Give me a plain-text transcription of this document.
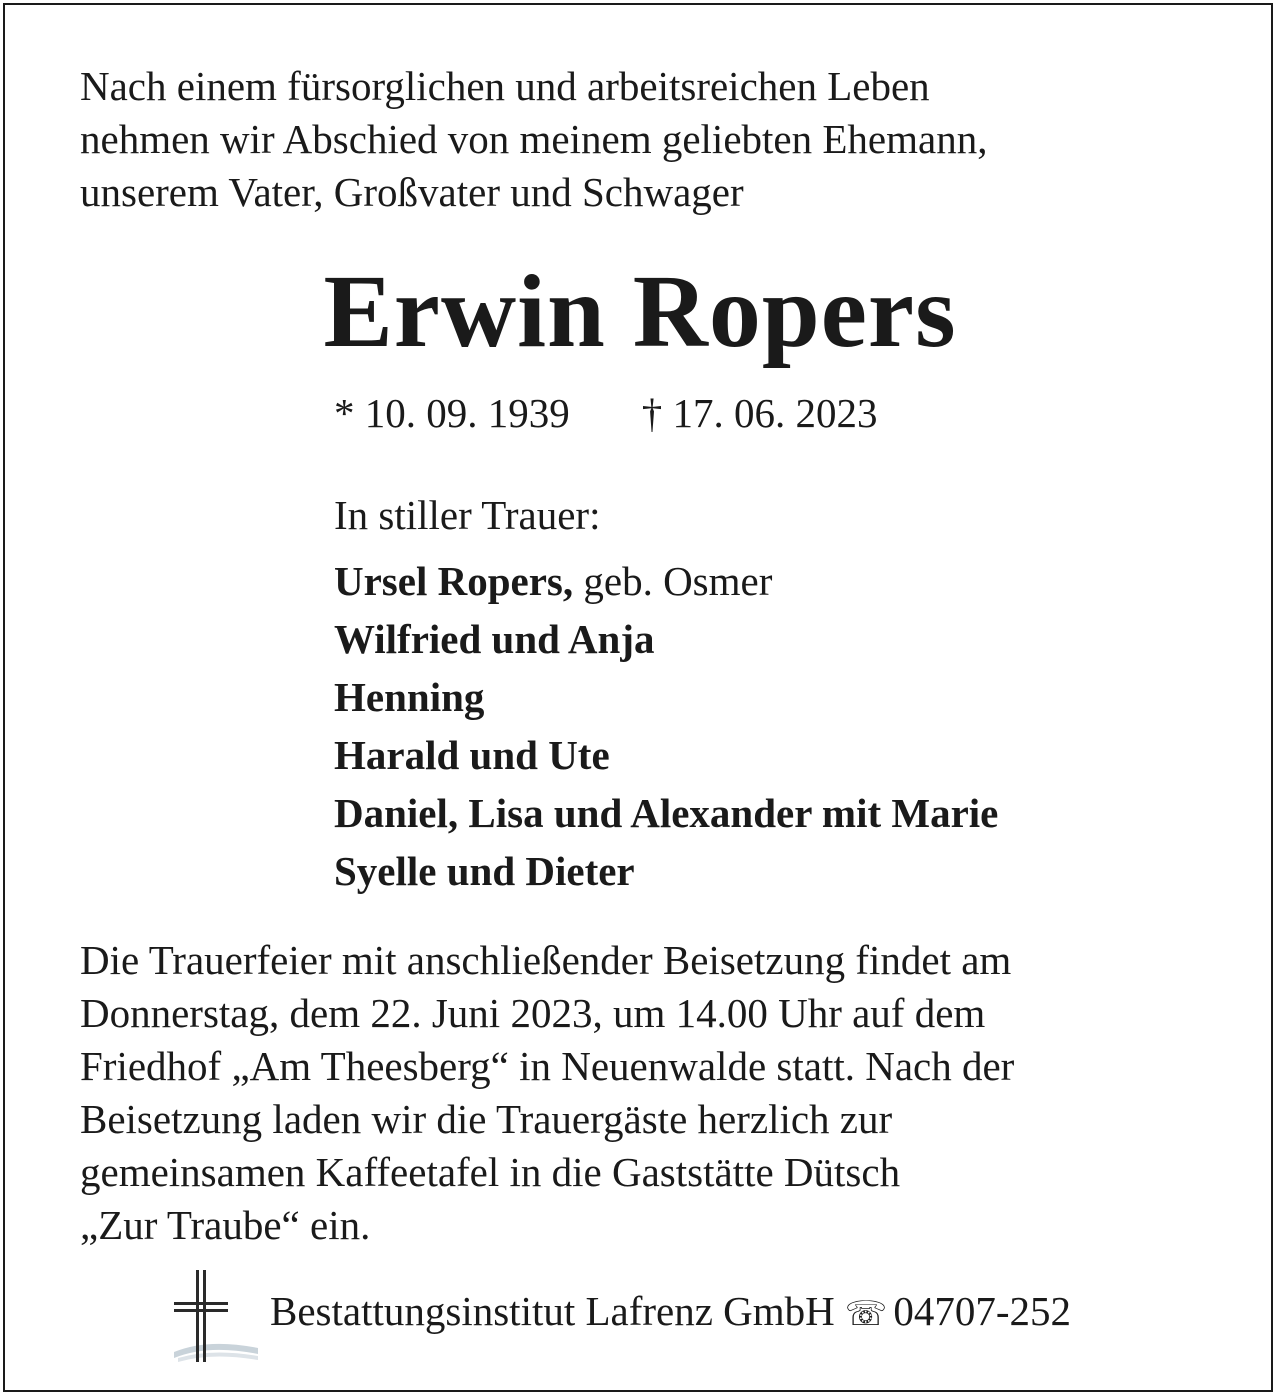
Nach einem fürsorglichen und arbeitsreichen Leben
nehmen wir Abschied von meinem geliebten Ehemann,
unserem Vater, Großvater und Schwager
Erwin Ropers
* 10. 09. 1939 † 17. 06. 2023
In stiller Trauer:
Ursel Ropers, geb. Osmer
Wilfried und Anja
Henning
Harald und Ute
Daniel, Lisa und Alexander mit Marie
Syelle und Dieter
Die Trauerfeier mit anschließender Beisetzung findet am
Donnerstag, dem 22. Juni 2023, um 14.00 Uhr auf dem
Friedhof „Am Theesberg“ in Neuenwalde statt. Nach der
Beisetzung laden wir die Trauergäste herzlich zur
gemeinsamen Kaffeetafel in die Gaststätte Dütsch
„Zur Traube“ ein.
Bestattungsinstitut Lafrenz GmbH ☏ 04707-252
